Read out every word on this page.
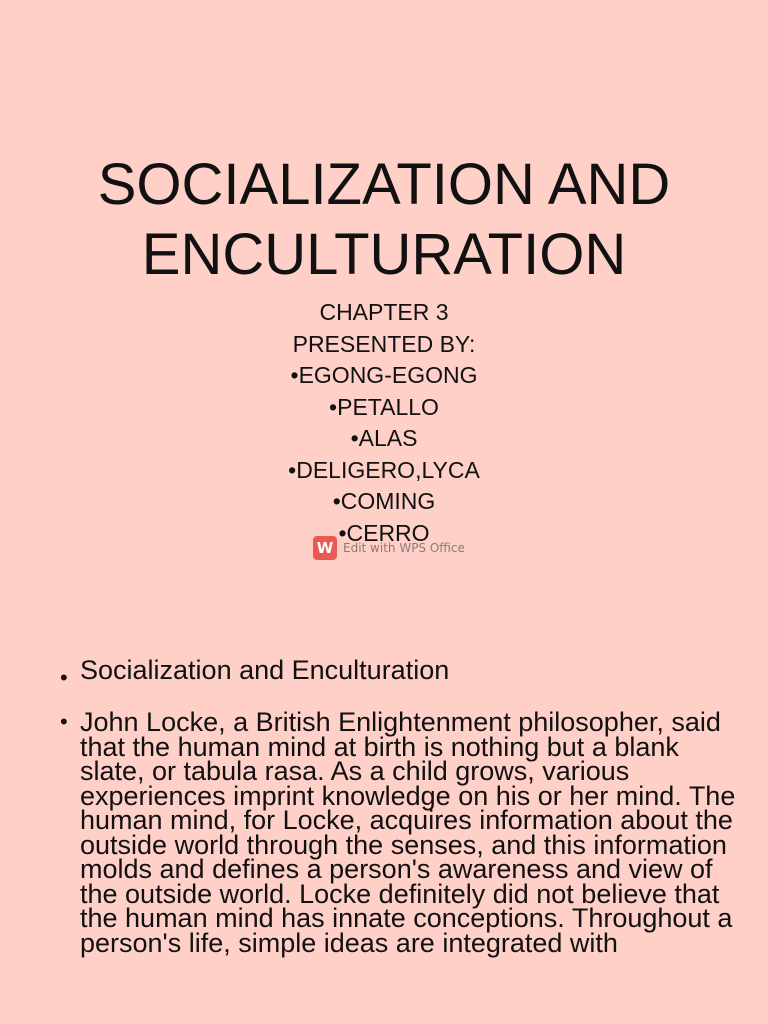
SOCIALIZATION AND
ENCULTURATION
CHAPTER 3
PRESENTED BY:
•EGONG-EGONG
•PETALLO
•ALAS
•DELIGERO,LYCA
•COMING
•CERRO
W Edit with WPS Office
• Socialization and Enculturation
• John Locke, a British Enlightenment philosopher, said that the human mind at birth is nothing but a blank slate, or tabula rasa. As a child grows, various experiences imprint knowledge on his or her mind. The human mind, for Locke, acquires information about the outside world through the senses, and this information molds and defines a person's awareness and view of the outside world. Locke definitely did not believe that the human mind has innate conceptions. Throughout a person's life, simple ideas are integrated with
